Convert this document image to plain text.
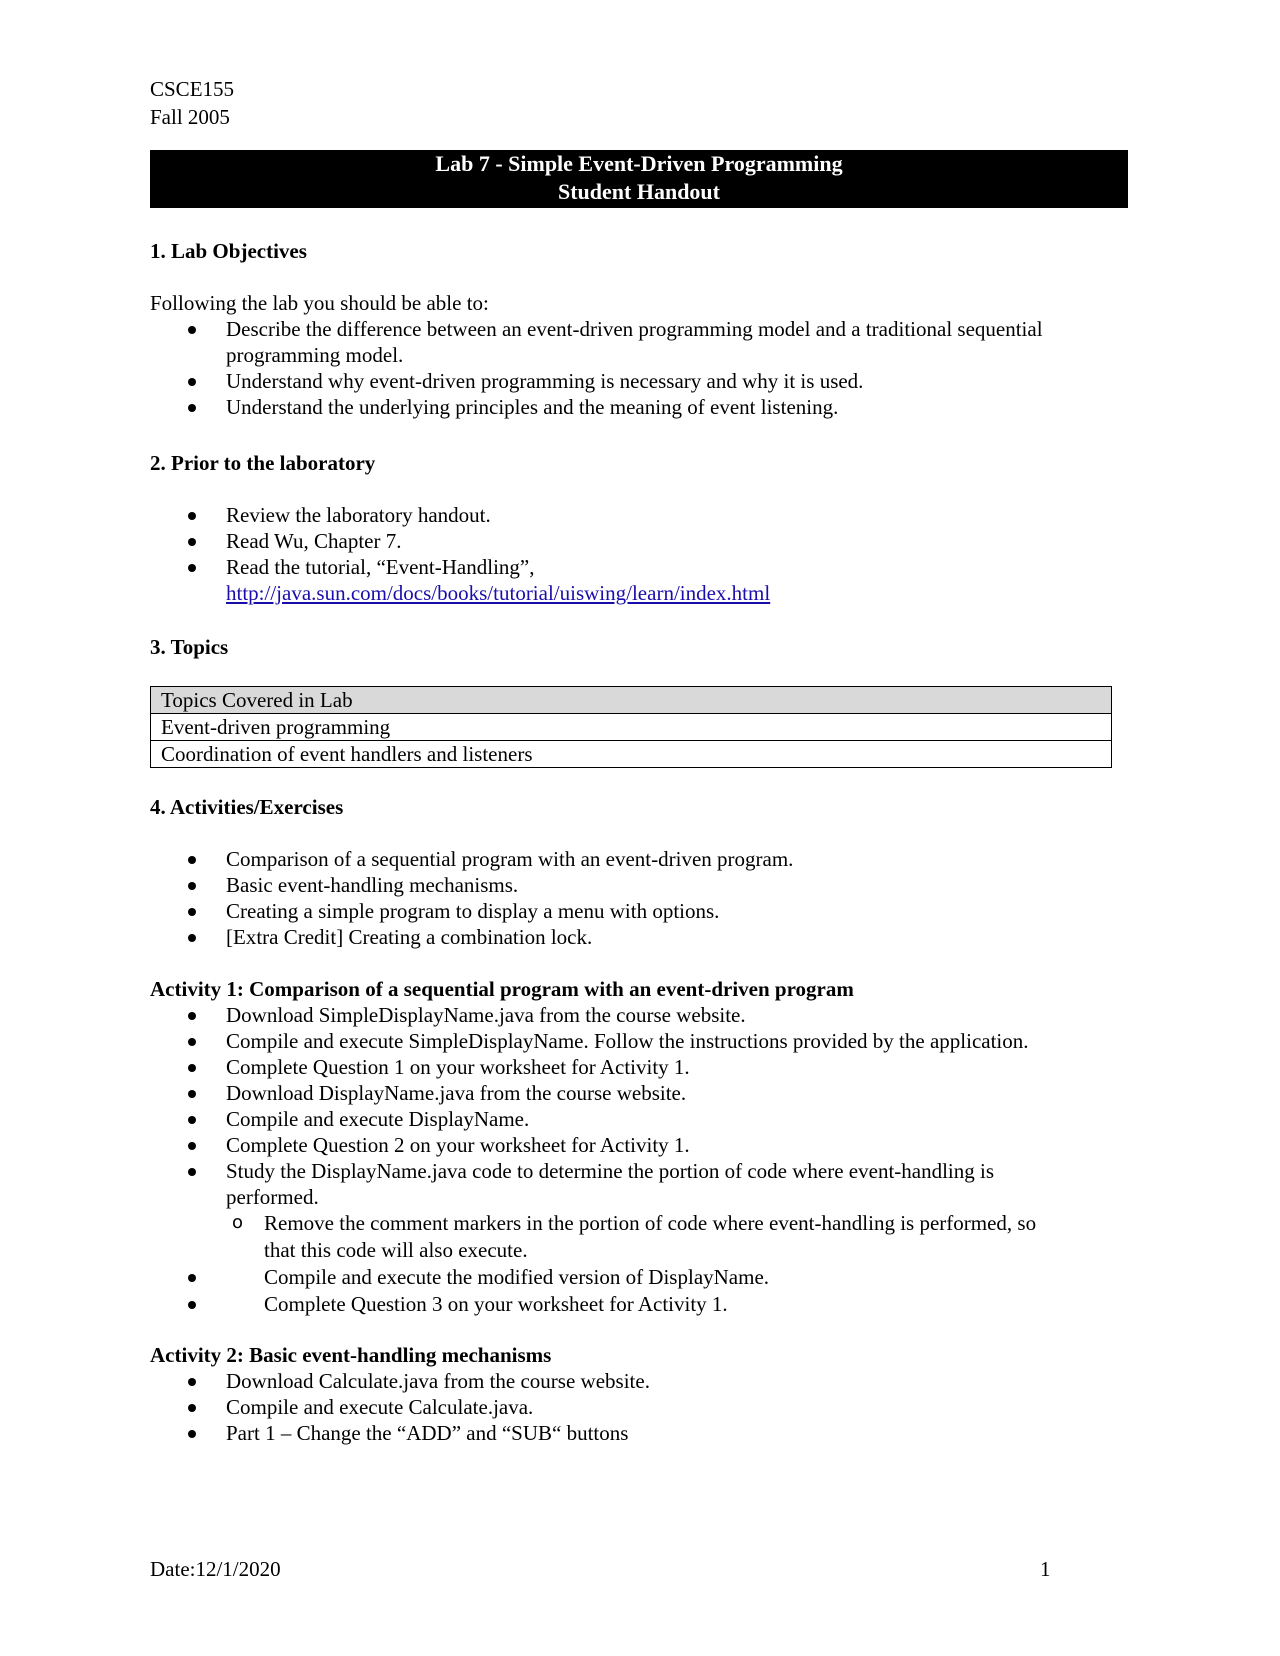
CSCE155
Fall 2005
Lab 7 - Simple Event-Driven Programming
Student Handout
1. Lab Objectives
Following the lab you should be able to:
Describe the difference between an event-driven programming model and a traditional sequential
programming model.
Understand why event-driven programming is necessary and why it is used.
Understand the underlying principles and the meaning of event listening.
2. Prior to the laboratory
Review the laboratory handout.
Read Wu, Chapter 7.
Read the tutorial, “Event-Handling”,
http://java.sun.com/docs/books/tutorial/uiswing/learn/index.html
3. Topics
Topics Covered in Lab
Event-driven programming
Coordination of event handlers and listeners
4. Activities/Exercises
Comparison of a sequential program with an event-driven program.
Basic event-handling mechanisms.
Creating a simple program to display a menu with options.
[Extra Credit] Creating a combination lock.
Activity 1: Comparison of a sequential program with an event-driven program
Download SimpleDisplayName.java from the course website.
Compile and execute SimpleDisplayName. Follow the instructions provided by the application.
Complete Question 1 on your worksheet for Activity 1.
Download DisplayName.java from the course website.
Compile and execute DisplayName.
Complete Question 2 on your worksheet for Activity 1.
Study the DisplayName.java code to determine the portion of code where event-handling is
performed.
o Remove the comment markers in the portion of code where event-handling is performed, so
that this code will also execute.
Compile and execute the modified version of DisplayName.
Complete Question 3 on your worksheet for Activity 1.
Activity 2: Basic event-handling mechanisms
Download Calculate.java from the course website.
Compile and execute Calculate.java.
Part 1 – Change the “ADD” and “SUB“ buttons
Date:12/1/2020	1
